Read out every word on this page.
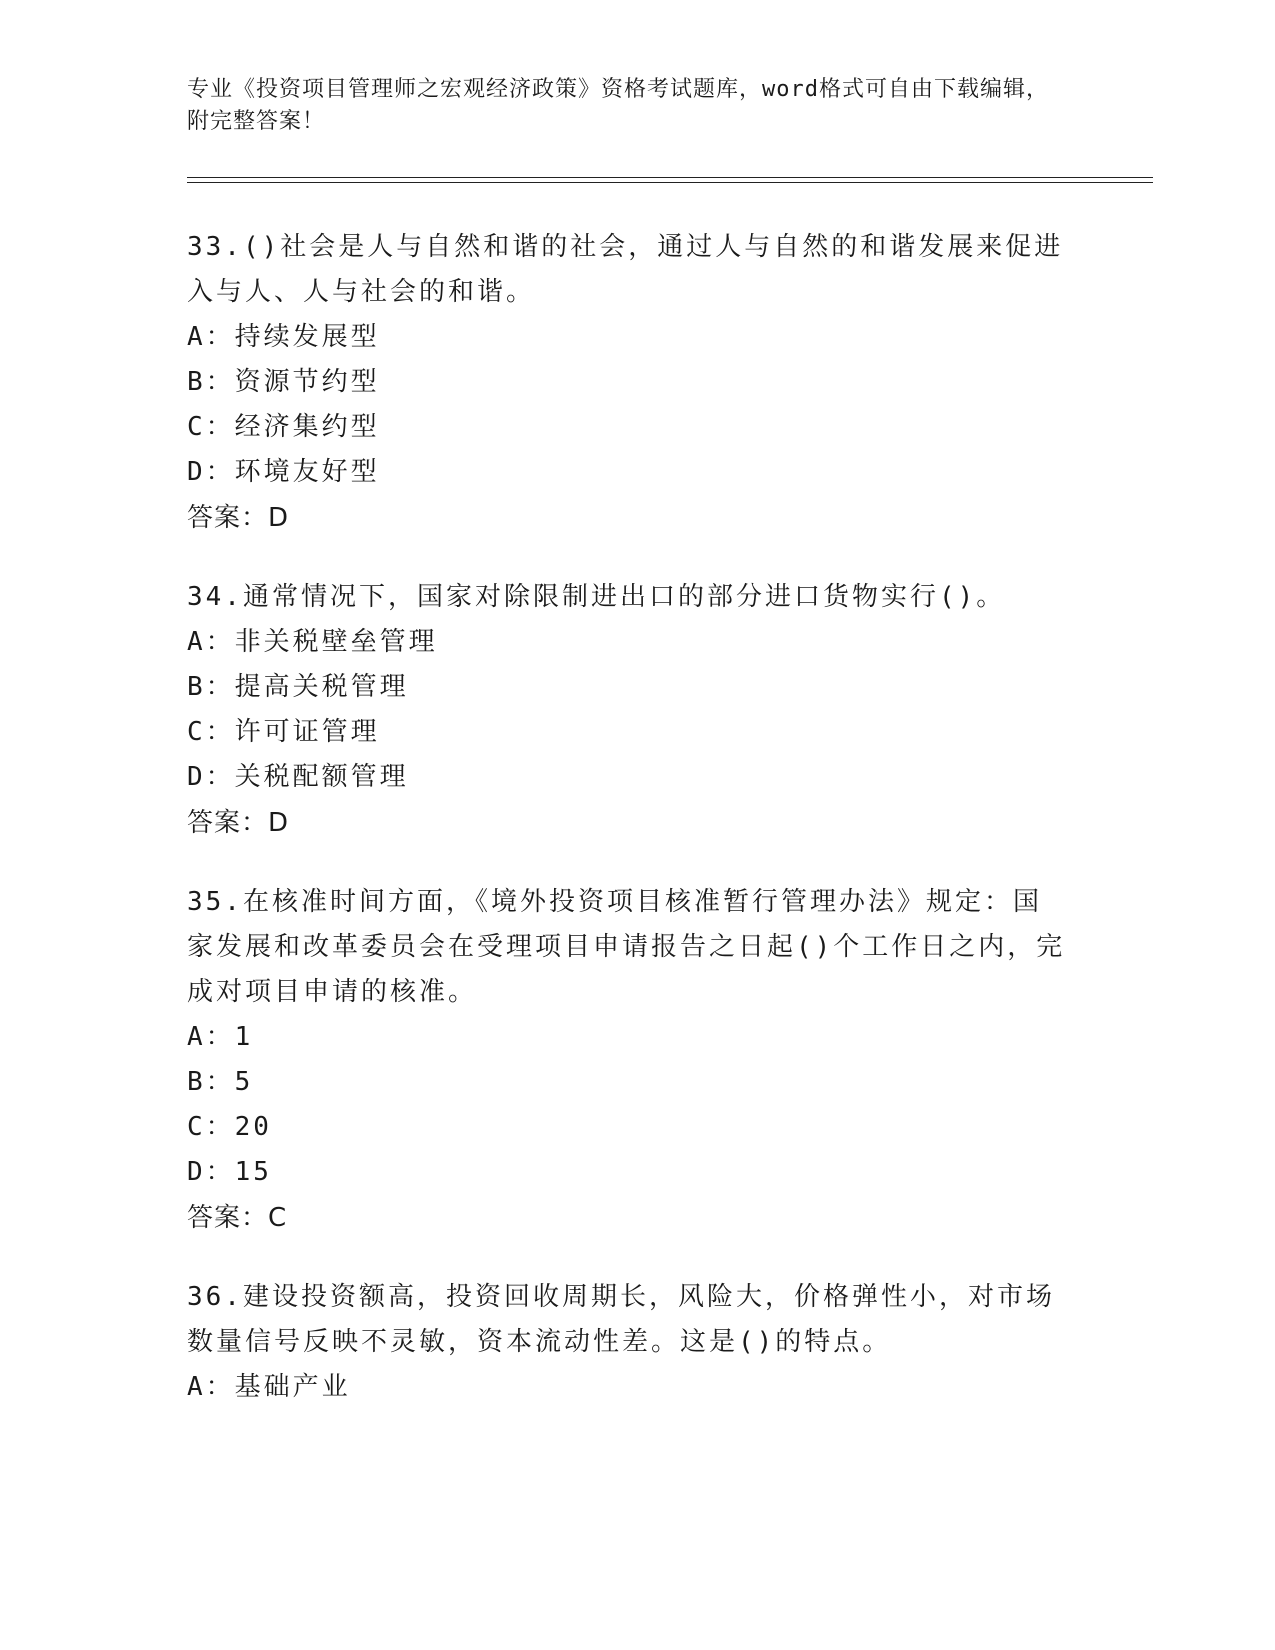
专业《投资项目管理师之宏观经济政策》资格考试题库，word格式可自由下载编辑，附完整答案！

33.()社会是人与自然和谐的社会，通过人与自然的和谐发展来促进入与人、人与社会的和谐。

A：持续发展型

B：资源节约型

C：经济集约型

D：环境友好型

答案：D

34.通常情况下，国家对除限制进出口的部分进口货物实行()。

A：非关税壁垒管理

B：提高关税管理

C：许可证管理

D：关税配额管理

答案：D

35.在核准时间方面，《境外投资项目核准暂行管理办法》规定：国家发展和改革委员会在受理项目申请报告之日起()个工作日之内，完成对项目申请的核准。

A：1

B：5

C：20

D：15

答案：C

36.建设投资额高，投资回收周期长，风险大，价格弹性小，对市场数量信号反映不灵敏，资本流动性差。这是()的特点。

A：基础产业
